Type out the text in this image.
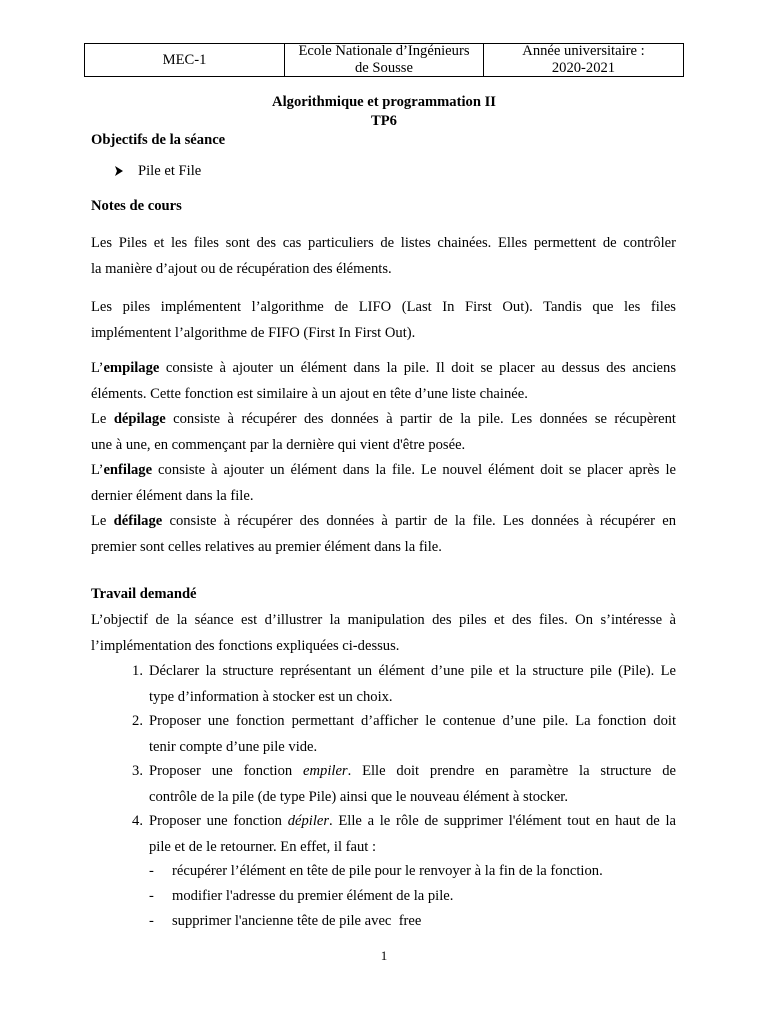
MEC-1
Ecole Nationale d’Ingénieurs
de Sousse
Année universitaire :
2020-2021
Algorithmique et programmation II
TP6
Objectifs de la séance
Pile et File
Notes de cours
Les Piles et les files sont des cas particuliers de listes chainées. Elles permettent de contrôler
la manière d’ajout ou de récupération des éléments.
Les piles implémentent l’algorithme de LIFO (Last In First Out). Tandis que les files
implémentent l’algorithme de FIFO (First In First Out).
L’empilage consiste à ajouter un élément dans la pile. Il doit se placer au dessus des anciens
éléments. Cette fonction est similaire à un ajout en tête d’une liste chainée.
Le dépilage consiste à récupérer des données à partir de la pile. Les données se récupèrent
une à une, en commençant par la dernière qui vient d'être posée.
L’enfilage consiste à ajouter un élément dans la file. Le nouvel élément doit se placer après le
dernier élément dans la file.
Le défilage consiste à récupérer des données à partir de la file. Les données à récupérer en
premier sont celles relatives au premier élément dans la file.
Travail demandé
L’objectif de la séance est d’illustrer la manipulation des piles et des files. On s’intéresse à
l’implémentation des fonctions expliquées ci-dessus.
1. Déclarer la structure représentant un élément d’une pile et la structure pile (Pile). Le
type d’information à stocker est un choix.
2. Proposer une fonction permettant d’afficher le contenue d’une pile. La fonction doit
tenir compte d’une pile vide.
3. Proposer une fonction empiler. Elle doit prendre en paramètre la structure de
contrôle de la pile (de type Pile) ainsi que le nouveau élément à stocker.
4. Proposer une fonction dépiler. Elle a le rôle de supprimer l'élément tout en haut de la
pile et de le retourner. En effet, il faut :
- récupérer l’élément en tête de pile pour le renvoyer à la fin de la fonction.
- modifier l'adresse du premier élément de la pile.
- supprimer l'ancienne tête de pile avec  free
1
